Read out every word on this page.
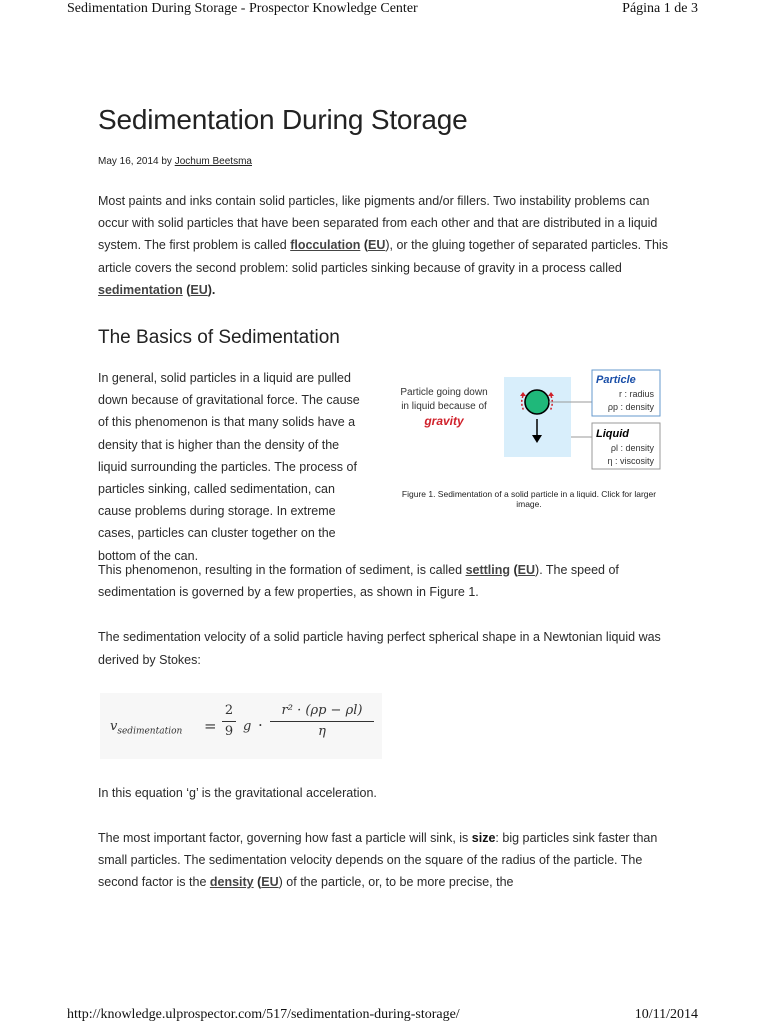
Sedimentation During Storage - Prospector Knowledge Center	Página 1 de 3
Sedimentation During Storage
May 16, 2014 by Jochum Beetsma

Most paints and inks contain solid particles, like pigments and/or fillers. Two instability problems can occur with solid particles that have been separated from each other and that are distributed in a liquid system. The first problem is called flocculation (EU), or the gluing together of separated particles. This article covers the second problem: solid particles sinking because of gravity in a process called sedimentation (EU).

The Basics of Sedimentation

In general, solid particles in a liquid are pulled down because of gravitational force. The cause of this phenomenon is that many solids have a density that is higher than the density of the liquid surrounding the particles. The process of particles sinking, called sedimentation, can cause problems during storage. In extreme cases, particles can cluster together on the bottom of the can.

Particle going down
in liquid because of
gravity
Particle
r : radius
ρp : density
Liquid
ρl : density
η : viscosity
Figure 1. Sedimentation of a solid particle in a liquid. Click for larger image.

This phenomenon, resulting in the formation of sediment, is called settling (EU). The speed of sedimentation is governed by a few properties, as shown in Figure 1.

The sedimentation velocity of a solid particle having perfect spherical shape in a Newtonian liquid was derived by Stokes:

$v_{sedimentation}$ =
2
9 g ·
r² · (ρp − ρl)
η

In this equation ‘g’ is the gravitational acceleration.

The most important factor, governing how fast a particle will sink, is size: big particles sink faster than small particles. The sedimentation velocity depends on the square of the radius of the particle. The second factor is the density (EU) of the particle, or, to be more precise, the

http://knowledge.ulprospector.com/517/sedimentation-during-storage/	10/11/2014
